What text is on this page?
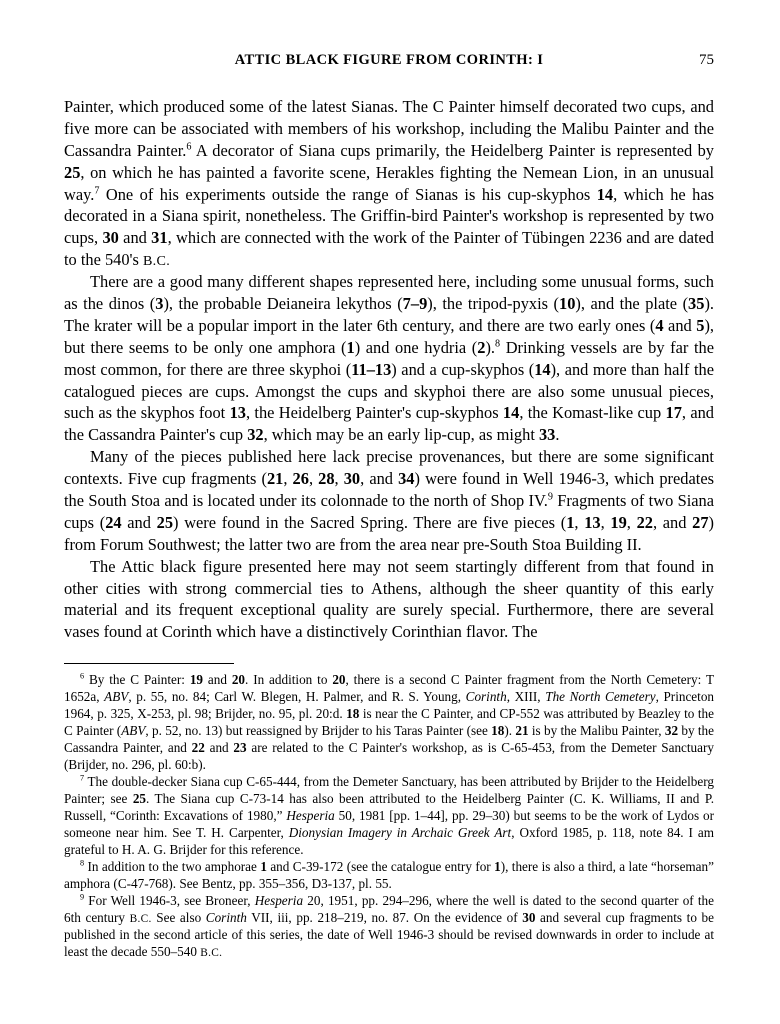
ATTIC BLACK FIGURE FROM CORINTH: I	75

Painter, which produced some of the latest Sianas. The C Painter himself decorated two cups, and five more can be associated with members of his workshop, including the Malibu Painter and the Cassandra Painter.$^6$ A decorator of Siana cups primarily, the Heidelberg Painter is represented by 25, on which he has painted a favorite scene, Herakles fighting the Nemean Lion, in an unusual way.$^7$ One of his experiments outside the range of Sianas is his cup-skyphos 14, which he has decorated in a Siana spirit, nonetheless. The Griffin-bird Painter's workshop is represented by two cups, 30 and 31, which are connected with the work of the Painter of Tübingen 2236 and are dated to the 540's B.C.

There are a good many different shapes represented here, including some unusual forms, such as the dinos (3), the probable Deianeira lekythos (7–9), the tripod-pyxis (10), and the plate (35). The krater will be a popular import in the later 6th century, and there are two early ones (4 and 5), but there seems to be only one amphora (1) and one hydria (2).$^8$ Drinking vessels are by far the most common, for there are three skyphoi (11–13) and a cup-skyphos (14), and more than half the catalogued pieces are cups. Amongst the cups and skyphoi there are also some unusual pieces, such as the skyphos foot 13, the Heidelberg Painter's cup-skyphos 14, the Komast-like cup 17, and the Cassandra Painter's cup 32, which may be an early lip-cup, as might 33.

Many of the pieces published here lack precise provenances, but there are some significant contexts. Five cup fragments (21, 26, 28, 30, and 34) were found in Well 1946-3, which predates the South Stoa and is located under its colonnade to the north of Shop IV.$^9$ Fragments of two Siana cups (24 and 25) were found in the Sacred Spring. There are five pieces (1, 13, 19, 22, and 27) from Forum Southwest; the latter two are from the area near pre-South Stoa Building II.

The Attic black figure presented here may not seem startingly different from that found in other cities with strong commercial ties to Athens, although the sheer quantity of this early material and its frequent exceptional quality are surely special. Furthermore, there are several vases found at Corinth which have a distinctively Corinthian flavor. The

$^6$ By the C Painter: 19 and 20. In addition to 20, there is a second C Painter fragment from the North Cemetery: T 1652a, ABV, p. 55, no. 84; Carl W. Blegen, H. Palmer, and R. S. Young, Corinth, XIII, The North Cemetery, Princeton 1964, p. 325, X-253, pl. 98; Brijder, no. 95, pl. 20:d. 18 is near the C Painter, and CP-552 was attributed by Beazley to the C Painter (ABV, p. 52, no. 13) but reassigned by Brijder to his Taras Painter (see 18). 21 is by the Malibu Painter, 32 by the Cassandra Painter, and 22 and 23 are related to the C Painter's workshop, as is C-65-453, from the Demeter Sanctuary (Brijder, no. 296, pl. 60:b).

$^7$ The double-decker Siana cup C-65-444, from the Demeter Sanctuary, has been attributed by Brijder to the Heidelberg Painter; see 25. The Siana cup C-73-14 has also been attributed to the Heidelberg Painter (C. K. Williams, II and P. Russell, “Corinth: Excavations of 1980,” Hesperia 50, 1981 [pp. 1–44], pp. 29–30) but seems to be the work of Lydos or someone near him. See T. H. Carpenter, Dionysian Imagery in Archaic Greek Art, Oxford 1985, p. 118, note 84. I am grateful to H. A. G. Brijder for this reference.

$^8$ In addition to the two amphorae 1 and C-39-172 (see the catalogue entry for 1), there is also a third, a late “horseman” amphora (C-47-768). See Bentz, pp. 355–356, D3-137, pl. 55.

$^9$ For Well 1946-3, see Broneer, Hesperia 20, 1951, pp. 294–296, where the well is dated to the second quarter of the 6th century B.C. See also Corinth VII, iii, pp. 218–219, no. 87. On the evidence of 30 and several cup fragments to be published in the second article of this series, the date of Well 1946-3 should be revised downwards in order to include at least the decade 550–540 B.C.
